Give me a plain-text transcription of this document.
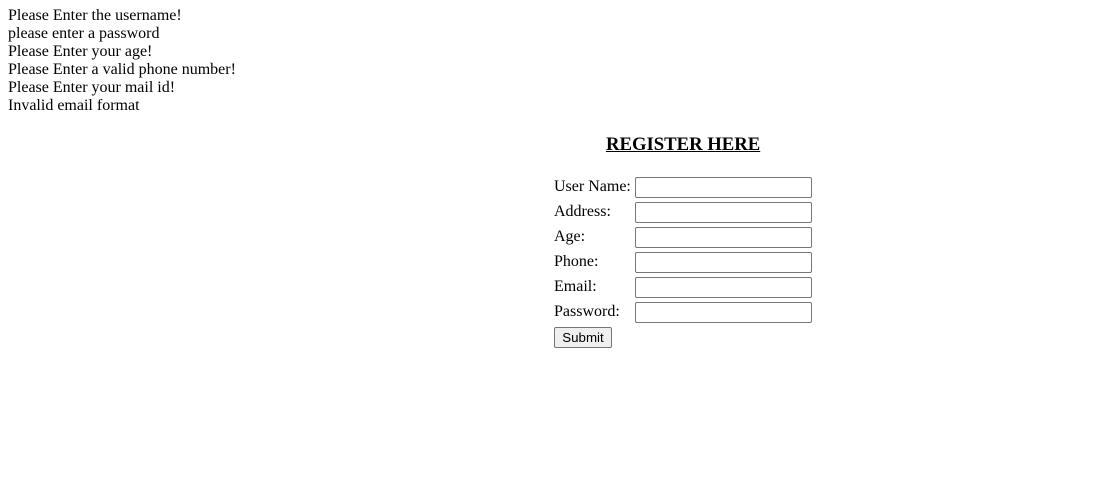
Please Enter the username!
please enter a password
Please Enter your age!
Please Enter a valid phone number!
Please Enter your mail id!
Invalid email format
REGISTER HERE
User Name:
Address:
Age:
Phone:
Email:
Password:
Submit
